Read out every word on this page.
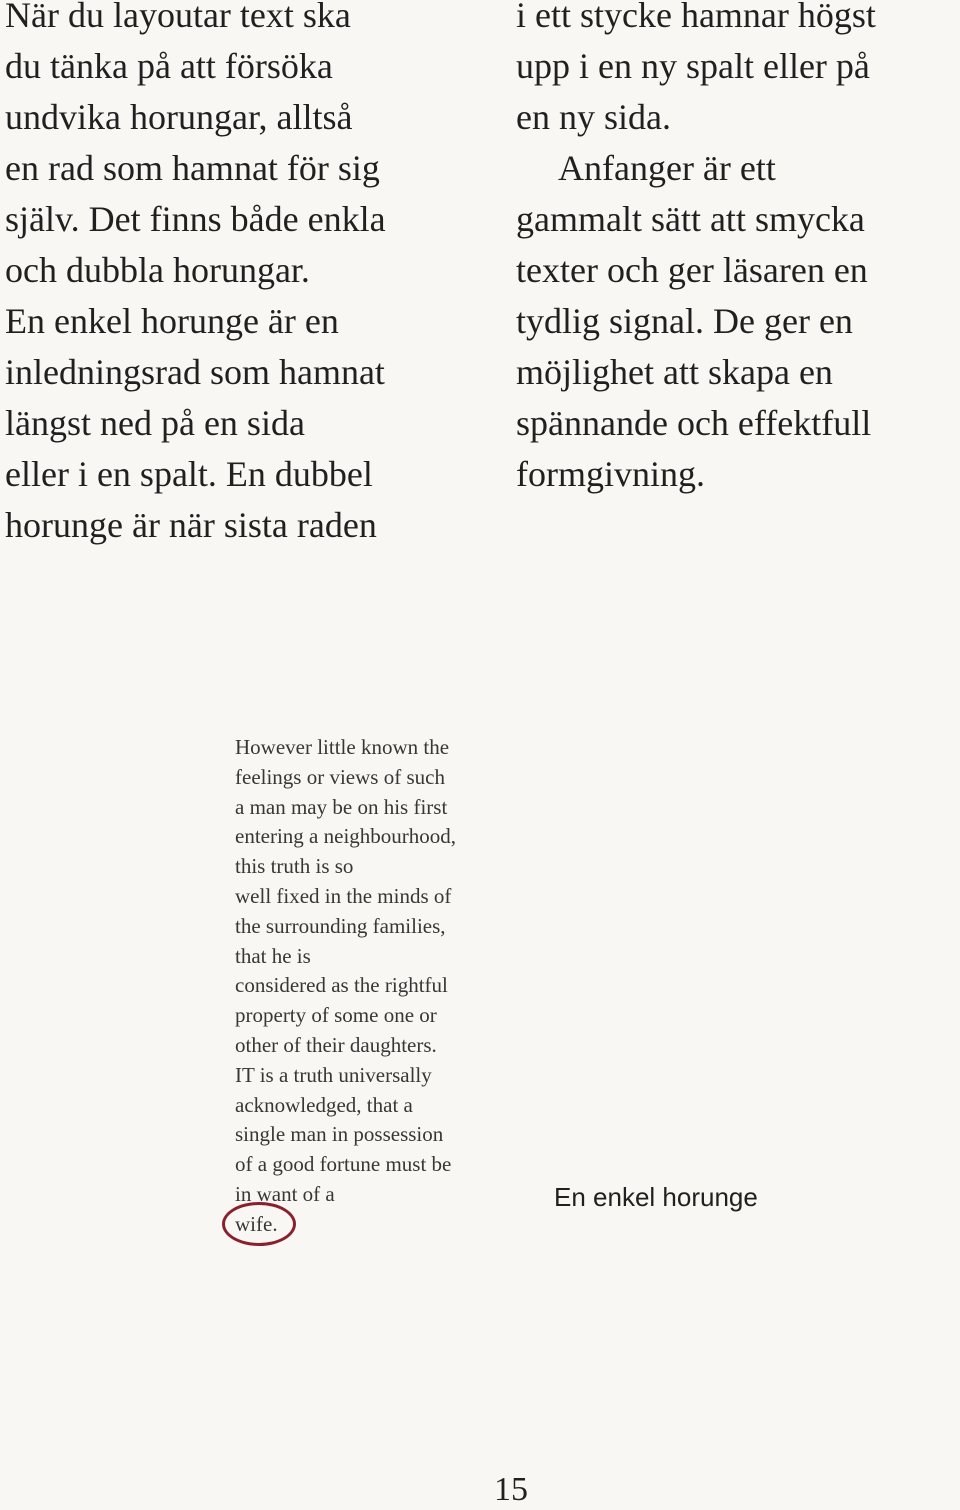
När du layoutar text ska
du tänka på att försöka
undvika horungar, alltså
en rad som hamnat för sig
själv. Det finns både enkla
och dubbla horungar.
En enkel horunge är en
inledningsrad som hamnat
längst ned på en sida
eller i en spalt. En dubbel
horunge är när sista raden
i ett stycke hamnar högst
upp i en ny spalt eller på
en ny sida.
Anfanger är ett
gammalt sätt att smycka
texter och ger läsaren en
tydlig signal. De ger en
möjlighet att skapa en
spännande och effektfull
formgivning.
However little known the
feelings or views of such
a man may be on his first
entering a neighbourhood,
this truth is so
well fixed in the minds of
the surrounding families,
that he is
considered as the rightful
property of some one or
other of their daughters.
IT is a truth universally
acknowledged, that a
single man in possession
of a good fortune must be
in want of a
wife.
En enkel horunge
15
